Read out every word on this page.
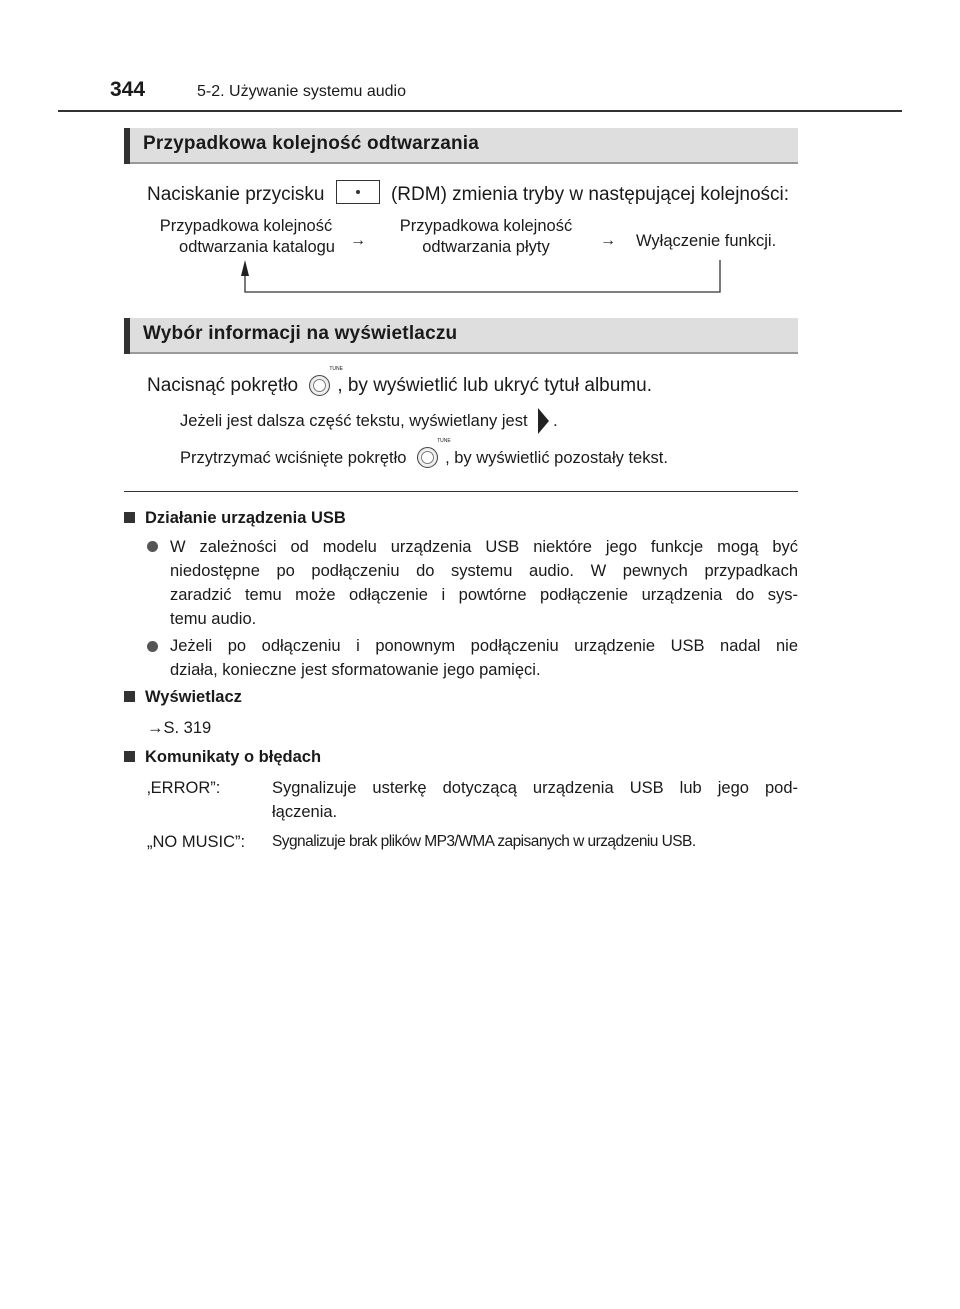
344	5-2. Używanie systemu audio
Przypadkowa kolejność odtwarzania
Naciskanie przycisku	(RDM) zmienia tryby w następującej kolejności:
Przypadkowa kolejność
odtwarzania katalogu →
Przypadkowa kolejność
odtwarzania płyty	→ Wyłączenie funkcji.
Wybór informacji na wyświetlaczu
Nacisnąć pokrętło
TUNE
, by wyświetlić lub ukryć tytuł albumu.
Jeżeli jest dalsza część tekstu, wyświetlany jest .
Przytrzymać wciśnięte pokrętło
TUNE
, by wyświetlić pozostały tekst.
Działanie urządzenia USB
W zależności od modelu urządzenia USB niektóre jego funkcje mogą być
niedostępne po podłączeniu do systemu audio. W pewnych przypadkach
zaradzić temu może odłączenie i powtórne podłączenie urządzenia do sys-
temu audio.
Jeżeli po odłączeniu i ponownym podłączeniu urządzenie USB nadal nie
działa, konieczne jest sformatowanie jego pamięci.
Wyświetlacz
→S. 319
Komunikaty o błędach
‚ERROR”:	Sygnalizuje usterkę dotyczącą urządzenia USB lub jego pod-
łączenia.
„NO MUSIC”: Sygnalizuje brak plików MP3/WMA zapisanych w urządzeniu USB.
